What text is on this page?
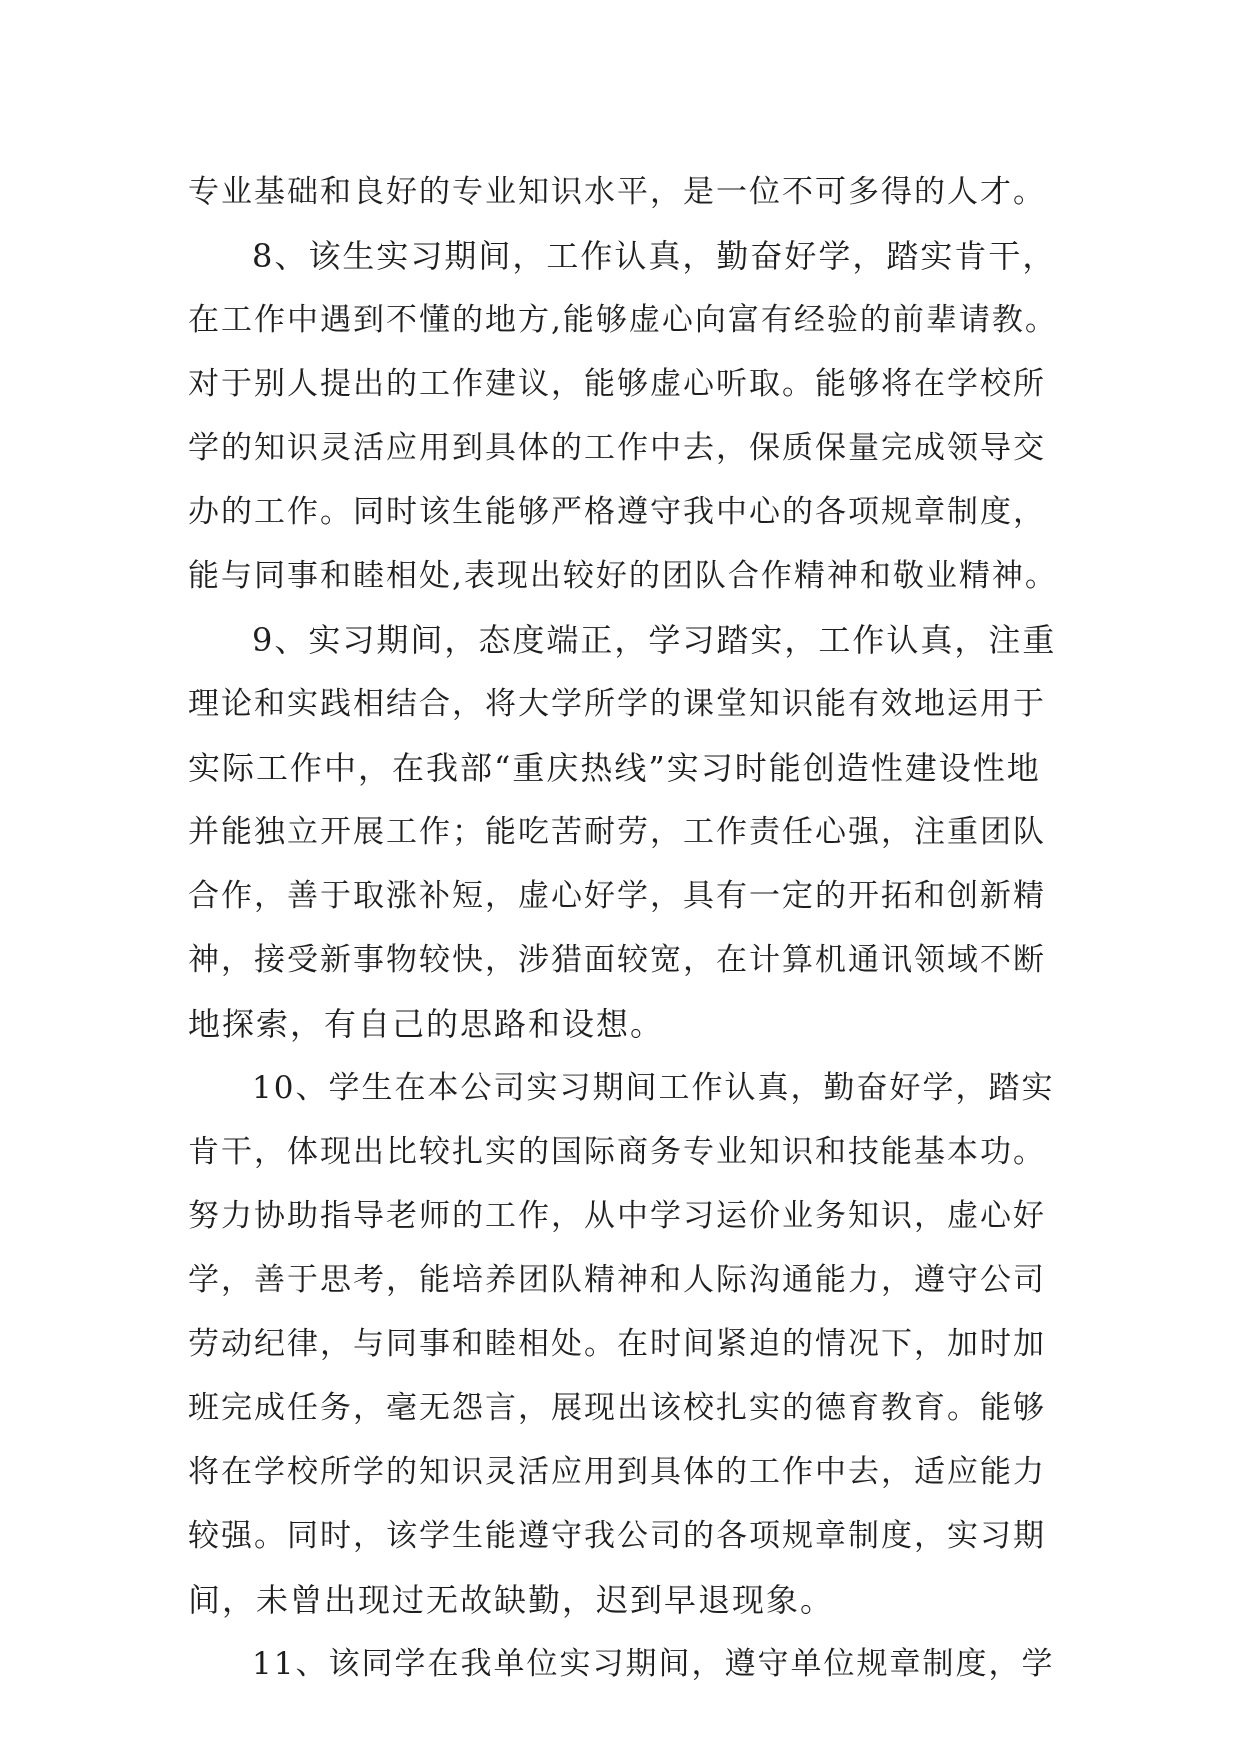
专业基础和良好的专业知识水平，是一位不可多得的人才。
8、该生实习期间，工作认真，勤奋好学，踏实肯干，
在工作中遇到不懂的地方,能够虚心向富有经验的前辈请教。
对于别人提出的工作建议，能够虚心听取。能够将在学校所
学的知识灵活应用到具体的工作中去，保质保量完成领导交
办的工作。同时该生能够严格遵守我中心的各项规章制度，
能与同事和睦相处,表现出较好的团队合作精神和敬业精神。
9、实习期间，态度端正，学习踏实，工作认真，注重
理论和实践相结合，将大学所学的课堂知识能有效地运用于
实际工作中，在我部“重庆热线”实习时能创造性建设性地
并能独立开展工作；能吃苦耐劳，工作责任心强，注重团队
合作，善于取涨补短，虚心好学，具有一定的开拓和创新精
神，接受新事物较快，涉猎面较宽，在计算机通讯领域不断
地探索，有自己的思路和设想。
10、学生在本公司实习期间工作认真，勤奋好学，踏实
肯干，体现出比较扎实的国际商务专业知识和技能基本功。
努力协助指导老师的工作，从中学习运价业务知识，虚心好
学，善于思考，能培养团队精神和人际沟通能力，遵守公司
劳动纪律，与同事和睦相处。在时间紧迫的情况下，加时加
班完成任务，毫无怨言，展现出该校扎实的德育教育。能够
将在学校所学的知识灵活应用到具体的工作中去，适应能力
较强。同时，该学生能遵守我公司的各项规章制度，实习期
间，未曾出现过无故缺勤，迟到早退现象。
11、该同学在我单位实习期间，遵守单位规章制度，学
